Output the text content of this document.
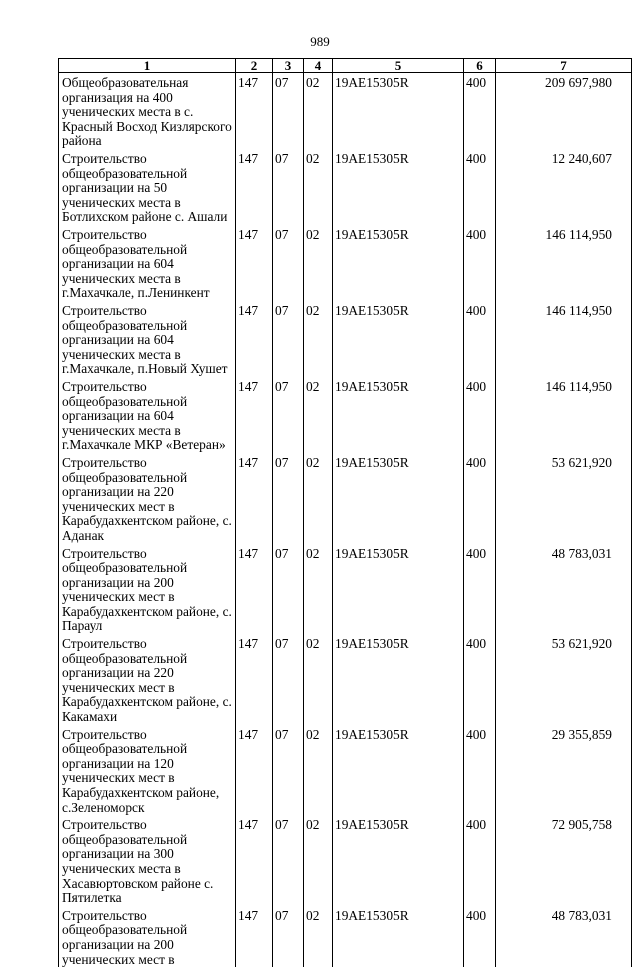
989
1	2	3	4	5	6	7
Общеобразовательная организация на 400 ученических места в с. Красный Восход Кизлярского района	147	07	02	19AE15305R	400	209 697,980
Строительство общеобразовательной организации на 50 ученических места в Ботлихском районе с. Ашали	147	07	02	19AE15305R	400	12 240,607
Строительство общеобразовательной организации на 604 ученических места в г.Махачкале, п.Ленинкент	147	07	02	19AE15305R	400	146 114,950
Строительство общеобразовательной организации на 604 ученических места в г.Махачкале, п.Новый Хушет	147	07	02	19AE15305R	400	146 114,950
Строительство общеобразовательной организации на 604 ученических места в г.Махачкале МКР «Ветеран»	147	07	02	19AE15305R	400	146 114,950
Строительство общеобразовательной организации на 220 ученических мест в Карабудахкентском районе, с. Аданак	147	07	02	19AE15305R	400	53 621,920
Строительство общеобразовательной организации на 200 ученических мест в Карабудахкентском районе, с. Параул	147	07	02	19AE15305R	400	48 783,031
Строительство общеобразовательной организации на 220 ученических мест в Карабудахкентском районе, с. Какамахи	147	07	02	19AE15305R	400	53 621,920
Строительство общеобразовательной организации на 120 ученических мест в Карабудахкентском районе, с.Зеленоморск	147	07	02	19AE15305R	400	29 355,859
Строительство общеобразовательной организации на 300 ученических места в Хасавюртовском районе с. Пятилетка	147	07	02	19AE15305R	400	72 905,758
Строительство общеобразовательной организации на 200 ученических мест в	147	07	02	19AE15305R	400	48 783,031
